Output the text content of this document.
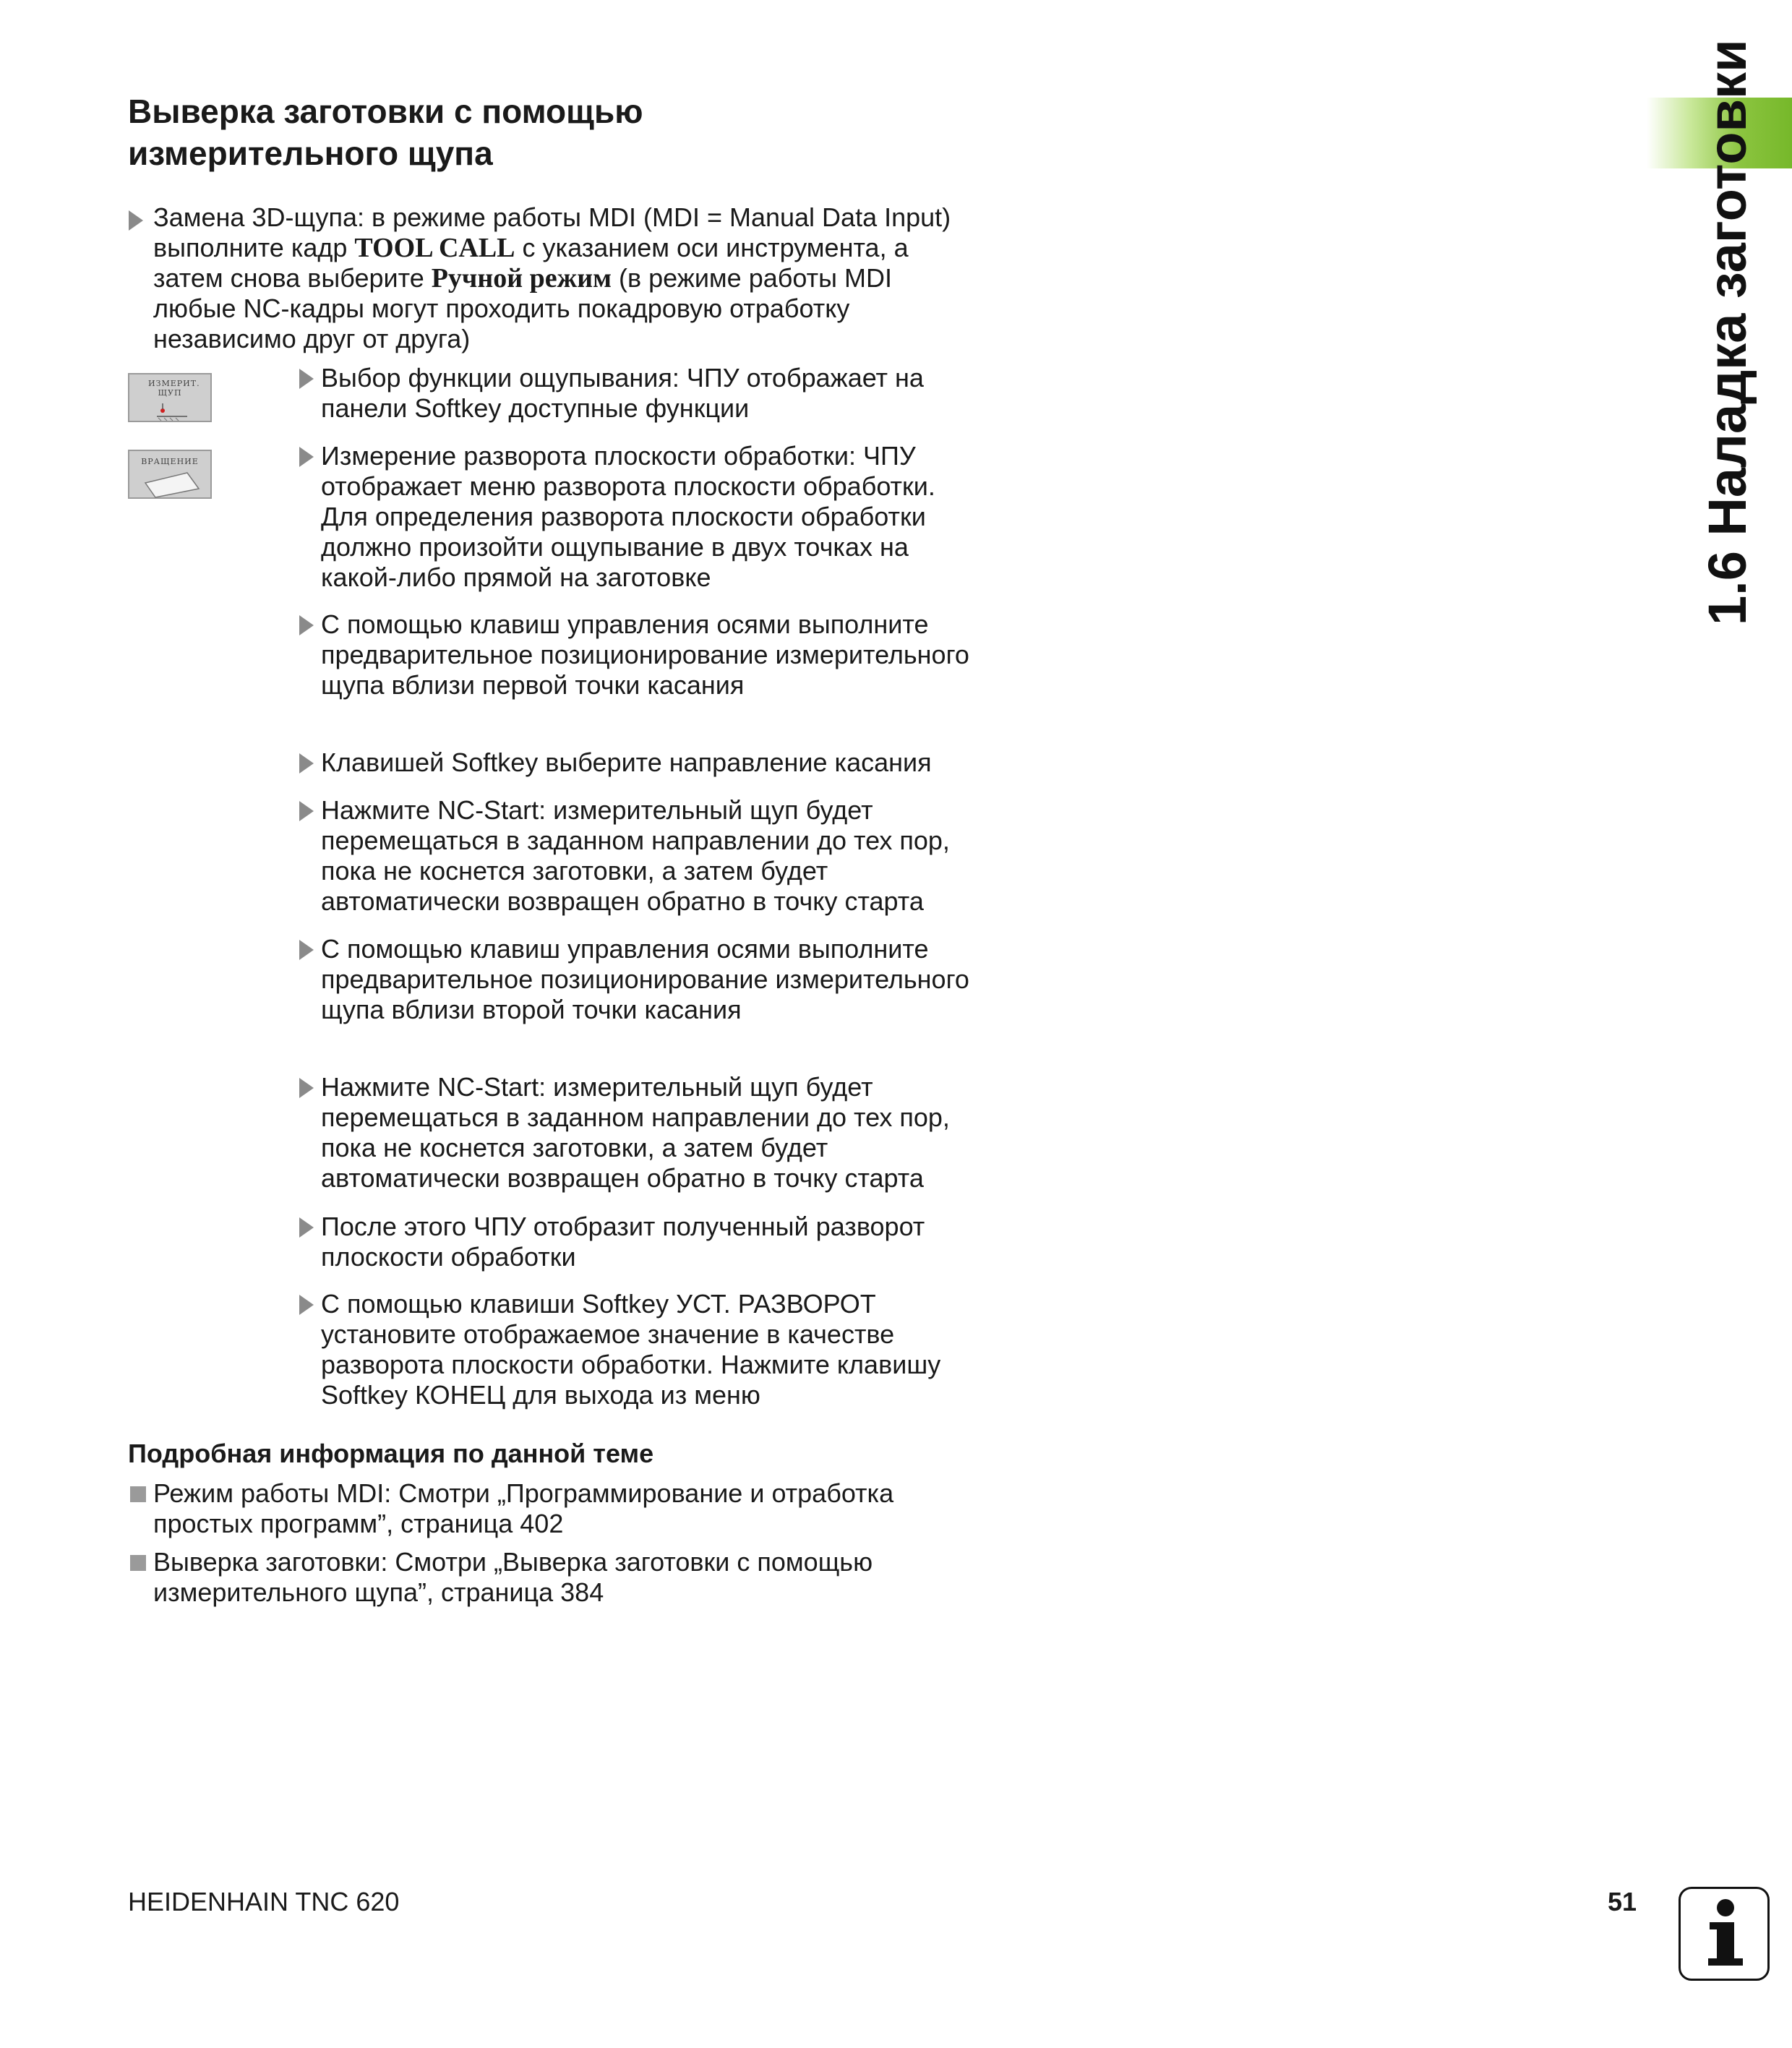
1.6 Наладка заготовки
Выверка заготовки с помощью
измерительного щупа
Замена 3D-щупа: в режиме работы MDI (MDI = Manual Data Input) выполните кадр TOOL CALL с указанием оси инструмента, а затем снова выберите Ручной режим (в режиме работы MDI любые NC-кадры могут проходить покадровую отработку независимо друг от друга)
ИЗМЕРИТ. ЩУП
ВРАЩЕНИЕ
Выбор функции ощупывания: ЧПУ отображает на панели Softkey доступные функции
Измерение разворота плоскости обработки: ЧПУ отображает меню разворота плоскости обработки. Для определения разворота плоскости обработки должно произойти ощупывание в двух точках на какой-либо прямой на заготовке
С помощью клавиш управления осями выполните предварительное позиционирование измерительного щупа вблизи первой точки касания
Клавишей Softkey выберите направление касания
Нажмите NC-Start: измерительный щуп будет перемещаться в заданном направлении до тех пор, пока не коснется заготовки, а затем будет автоматически возвращен обратно в точку старта
С помощью клавиш управления осями выполните предварительное позиционирование измерительного щупа вблизи второй точки касания
Нажмите NC-Start: измерительный щуп будет перемещаться в заданном направлении до тех пор, пока не коснется заготовки, а затем будет автоматически возвращен обратно в точку старта
После этого ЧПУ отобразит полученный разворот плоскости обработки
С помощью клавиши Softkey УСТ. РАЗВОРОТ установите отображаемое значение в качестве разворота плоскости обработки. Нажмите клавишу Softkey КОНЕЦ для выхода из меню
Подробная информация по данной теме
Режим работы MDI: Смотри „Программирование и отработка простых программ”, страница 402
Выверка заготовки: Смотри „Выверка заготовки с помощью измерительного щупа”, страница 384
HEIDENHAIN TNC 620	51
